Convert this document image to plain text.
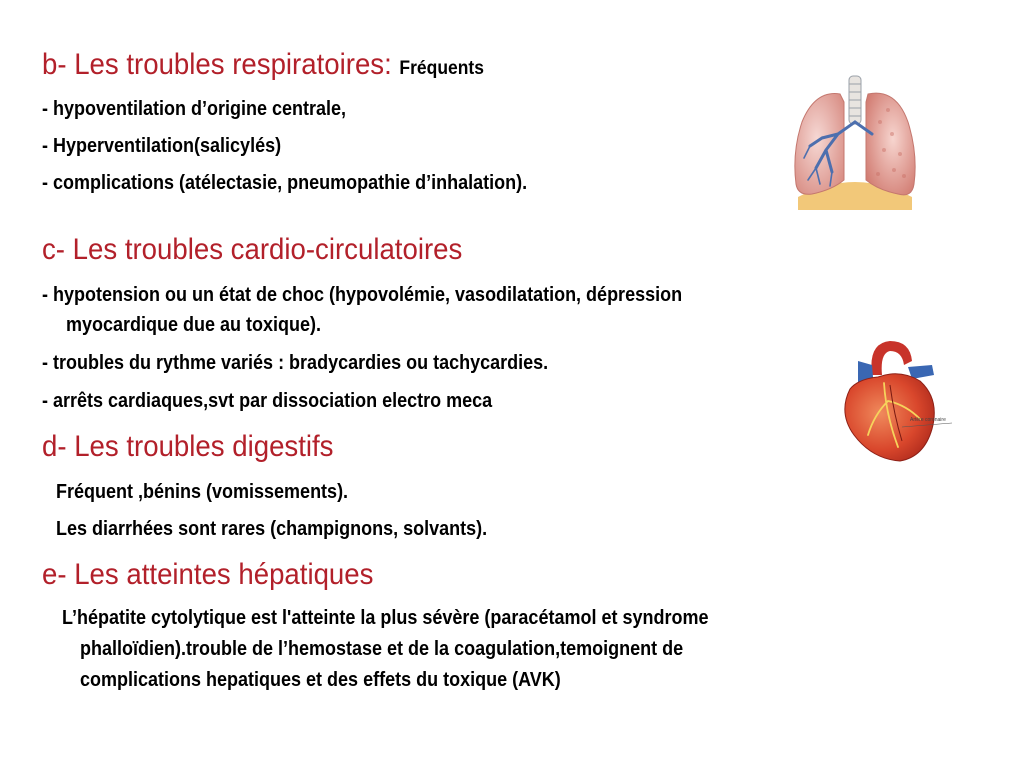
b- Les troubles respiratoires: Fréquents

- hypoventilation d’origine centrale,

- Hyperventilation(salicylés)

- complications (atélectasie, pneumopathie d’inhalation).

c- Les troubles cardio-circulatoires

- hypotension ou un état de choc (hypovolémie, vasodilatation, dépression

myocardique due au toxique).

- troubles du rythme variés : bradycardies ou tachycardies.

- arrêts cardiaques,svt par dissociation electro meca

d- Les troubles digestifs

Fréquent ,bénins (vomissements).

Les diarrhées sont rares (champignons, solvants).

e- Les atteintes hépatiques

L’hépatite cytolytique est l'atteinte la plus sévère (paracétamol et syndrome

phalloïdien).trouble de l’hemostase et de la coagulation,temoignent de

complications hepatiques et des effets du toxique (AVK)

Artère coronaire
